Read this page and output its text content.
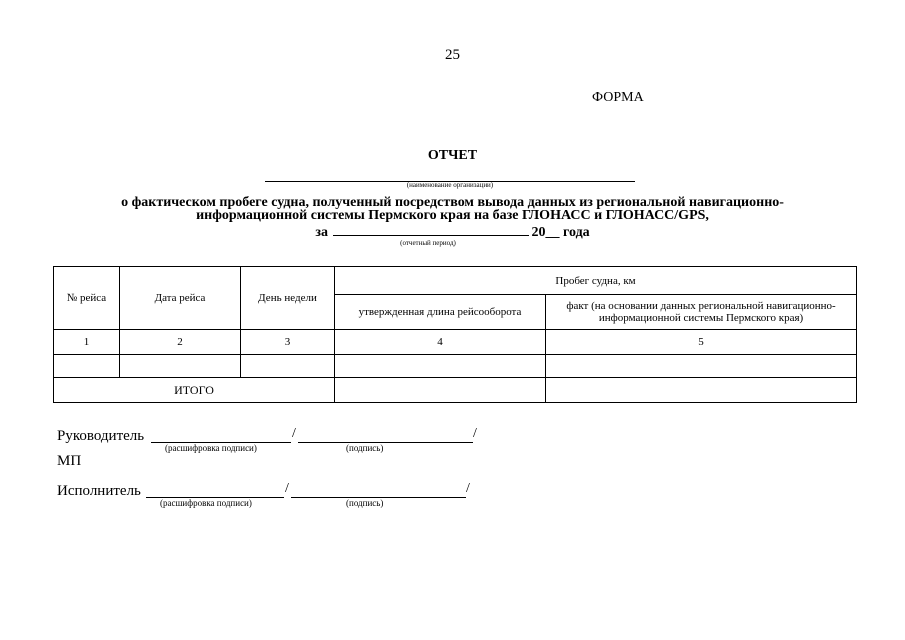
25
ФОРМА
ОТЧЕТ
(наименование организации)
о фактическом пробеге судна, полученный посредством вывода данных из региональной навигационно-
информационной системы Пермского края на базе ГЛОНАСС и ГЛОНАСС/GPS,
за	20__ года
(отчетный период)
№ рейса	Дата рейса	День недели	Пробег судна, км	
			утвержденная длина рейсооборота	факт (на основании данных региональной навигационно-
информационной системы Пермского края)
1	2	3	4	5

ИТОГО				
Руководитель	/	/
(расшифровка подписи)	(подпись)
МП
Исполнитель	/	/
(расшифровка подписи)	(подпись)
